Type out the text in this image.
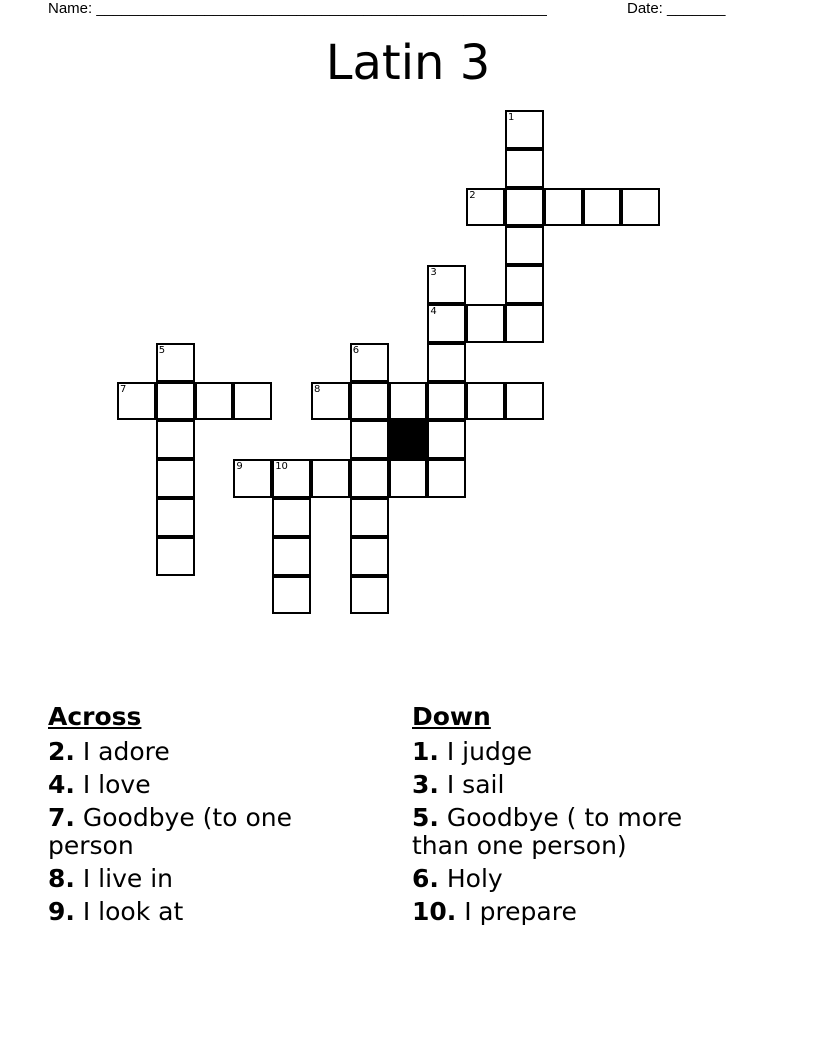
Name: ______________________________________________________	Date: _______
Latin 3
1
2
3
4
5	6
7	8
9	10
Across
2. I adore
4. I love
7. Goodbye (to one person
8. I live in
9. I look at
Down
1. I judge
3. I sail
5. Goodbye ( to more than one person)
6. Holy
10. I prepare
